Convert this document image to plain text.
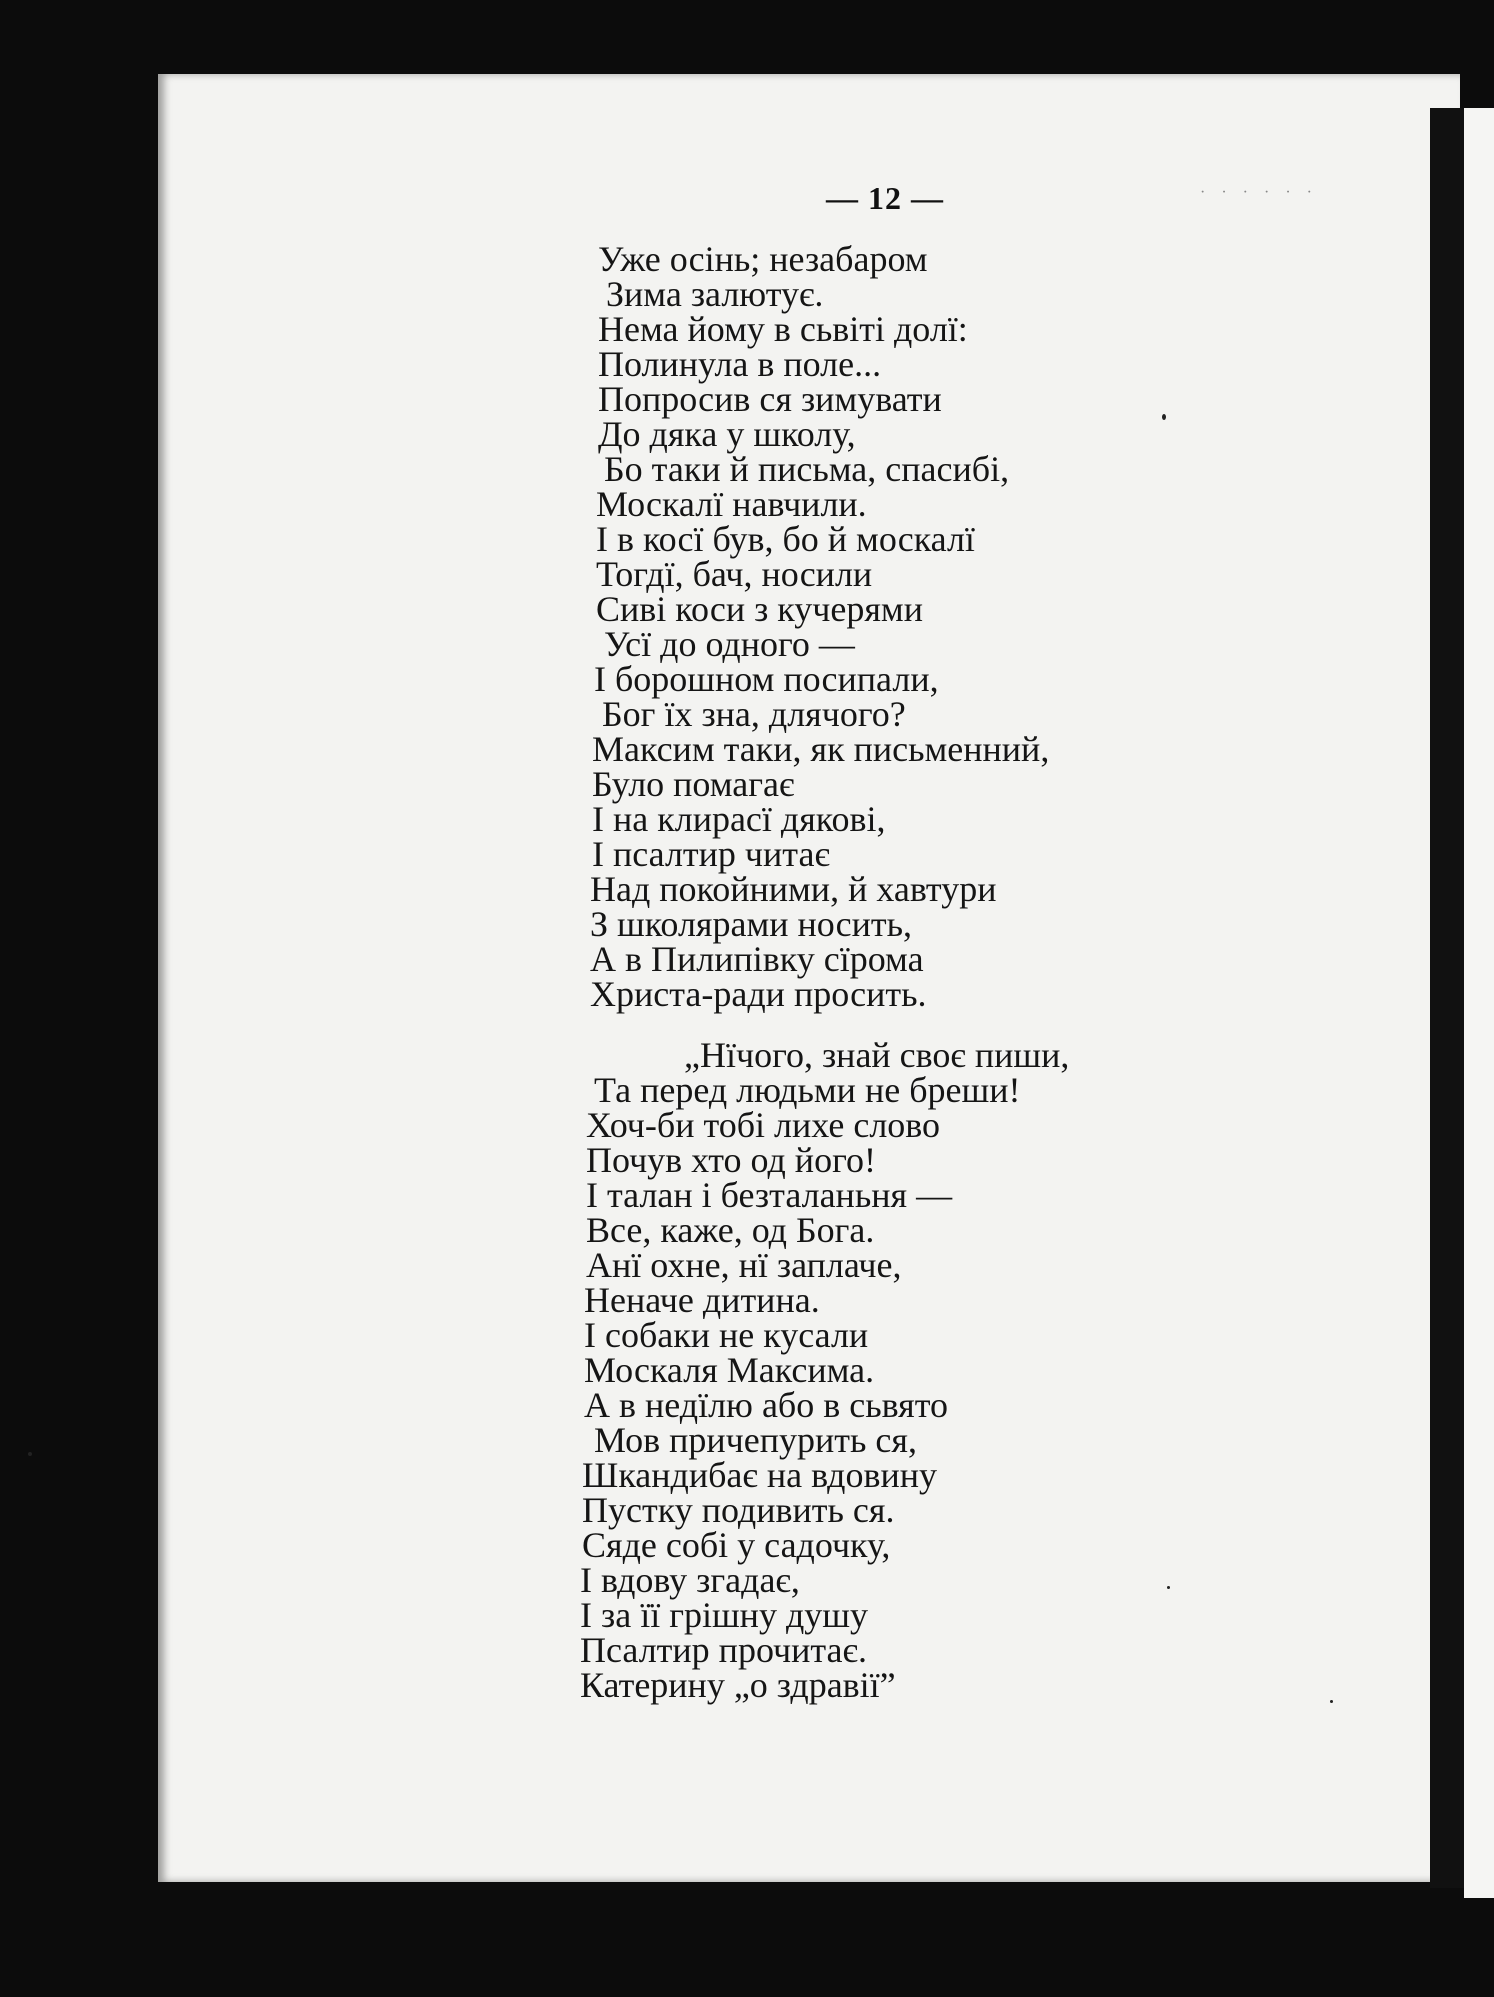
— 12 —	· · · · · ·
Уже осінь; незабаром
Зима залютує.
Нема йому в сьвіті долї:
Полинула в поле...
Попросив ся зимувати
До дяка у школу,
Бо таки й письма, спасибі,
Москалї навчили.
І в косї був, бо й москалї
Тогдї, бач, носили
Сиві коси з кучерями
Усї до одного —
І борошном посипали,
Бог їх зна, длячого?
Максим таки, як письменний,
Було помагає
І на клирасї дякові,
І псалтир читає
Над покойними, й хавтури
З школярами носить,
А в Пилипівку сїрома
Христа-ради просить.
„Нїчого, знай своє пиши,
Та перед людьми не бреши!
Хоч-би тобі лихе слово
Почув хто од його!
І талан і безталаньня —
Все, каже, од Бога.
Анї охне, нї заплаче,
Неначе дитина.
І собаки не кусали
Москаля Максима.
А в недїлю або в сьвято
Мов причепурить ся,
Шкандибає на вдовину
Пустку подивить ся.
Сяде собі у садочку,
І вдову згадає,
І за її грішну душу
Псалтир прочитає.
Катерину „о здравії”
